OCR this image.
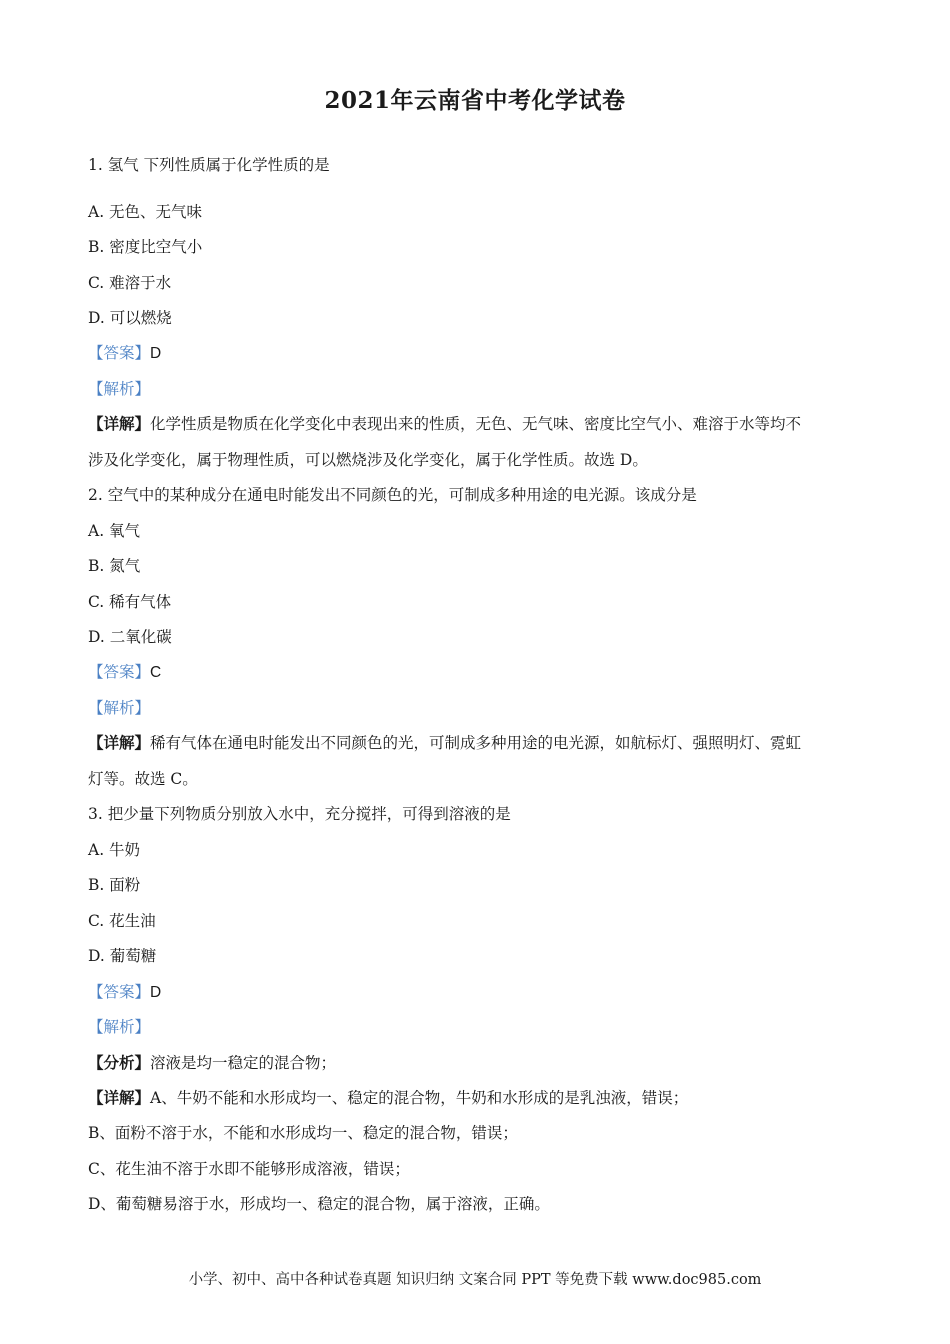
2021年云南省中考化学试卷
1. 氢气 下列性质属于化学性质的是
A. 无色、无气味
B. 密度比空气小
C. 难溶于水
D. 可以燃烧
【答案】D
【解析】
【详解】化学性质是物质在化学变化中表现出来的性质，无色、无气味、密度比空气小、难溶于水等均不
涉及化学变化，属于物理性质，可以燃烧涉及化学变化，属于化学性质。故选 D。
2. 空气中的某种成分在通电时能发出不同颜色的光，可制成多种用途的电光源。该成分是
A. 氧气
B. 氮气
C. 稀有气体
D. 二氧化碳
【答案】C
【解析】
【详解】稀有气体在通电时能发出不同颜色的光，可制成多种用途的电光源，如航标灯、强照明灯、霓虹
灯等。故选 C。
3. 把少量下列物质分别放入水中，充分搅拌，可得到溶液的是
A. 牛奶
B. 面粉
C. 花生油
D. 葡萄糖
【答案】D
【解析】
【分析】溶液是均一稳定的混合物；
【详解】A、牛奶不能和水形成均一、稳定的混合物，牛奶和水形成的是乳浊液，错误；
B、面粉不溶于水，不能和水形成均一、稳定的混合物，错误；
C、花生油不溶于水即不能够形成溶液，错误；
D、葡萄糖易溶于水，形成均一、稳定的混合物，属于溶液，正确。
小学、初中、高中各种试卷真题 知识归纳 文案合同 PPT 等免费下载 www.doc985.com
